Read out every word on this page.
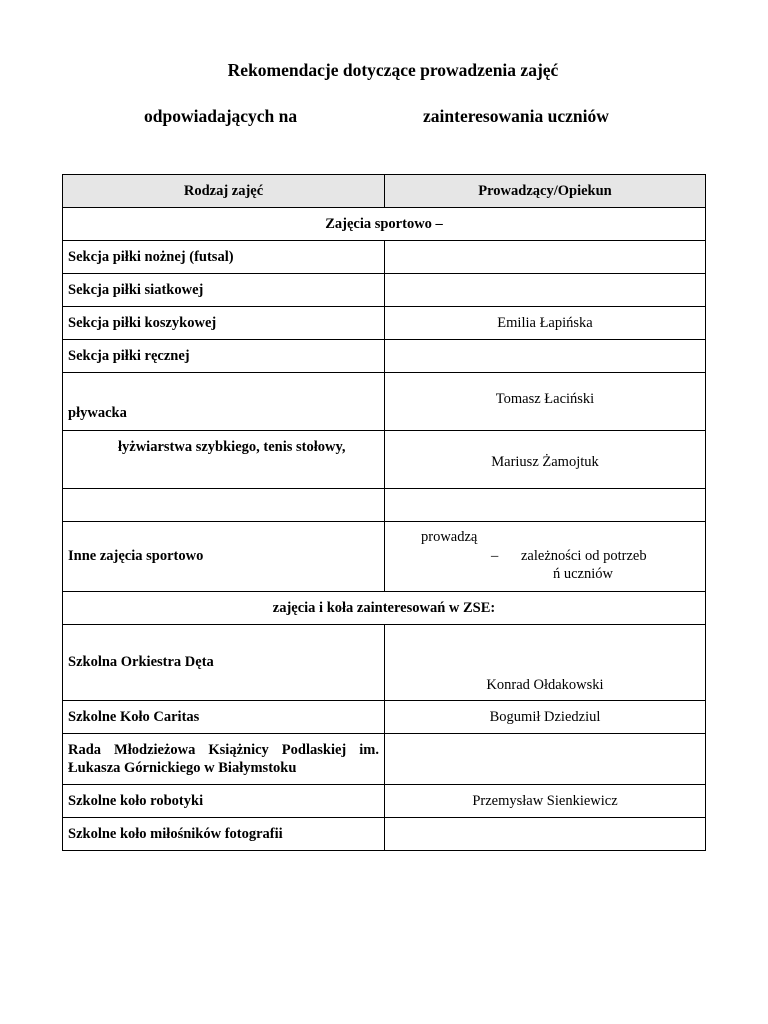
Rekomendacje dotyczące prowadzenia zajęć
odpowiadających na	zainteresowania uczniów
Rodzaj zajęć	Prowadzący/Opiekun
Zajęcia sportowo –	
Sekcja piłki nożnej (futsal)	
Sekcja piłki siatkowej	
Sekcja piłki koszykowej	Emilia Łapińska
Sekcja piłki ręcznej	
pływacka	Tomasz Łaciński
łyżwiarstwa szybkiego, tenis stołowy,	Mariusz Żamojtuk

Inne zajęcia sportowo	prowadzą
– zależności od potrzeb
ń uczniów

zajęcia i koła zainteresowań w ZSE:	
Szkolna Orkiestra Dęta	Konrad Ołdakowski
Szkolne Koło Caritas	Bogumił Dziedziul

Rada Młodzieżowa Książnicy Podlaskiej im.
Łukasza Górnickiego w Białymstoku	

Szkolne koło robotyki	Przemysław Sienkiewicz
Szkolne koło miłośników fotografii	
